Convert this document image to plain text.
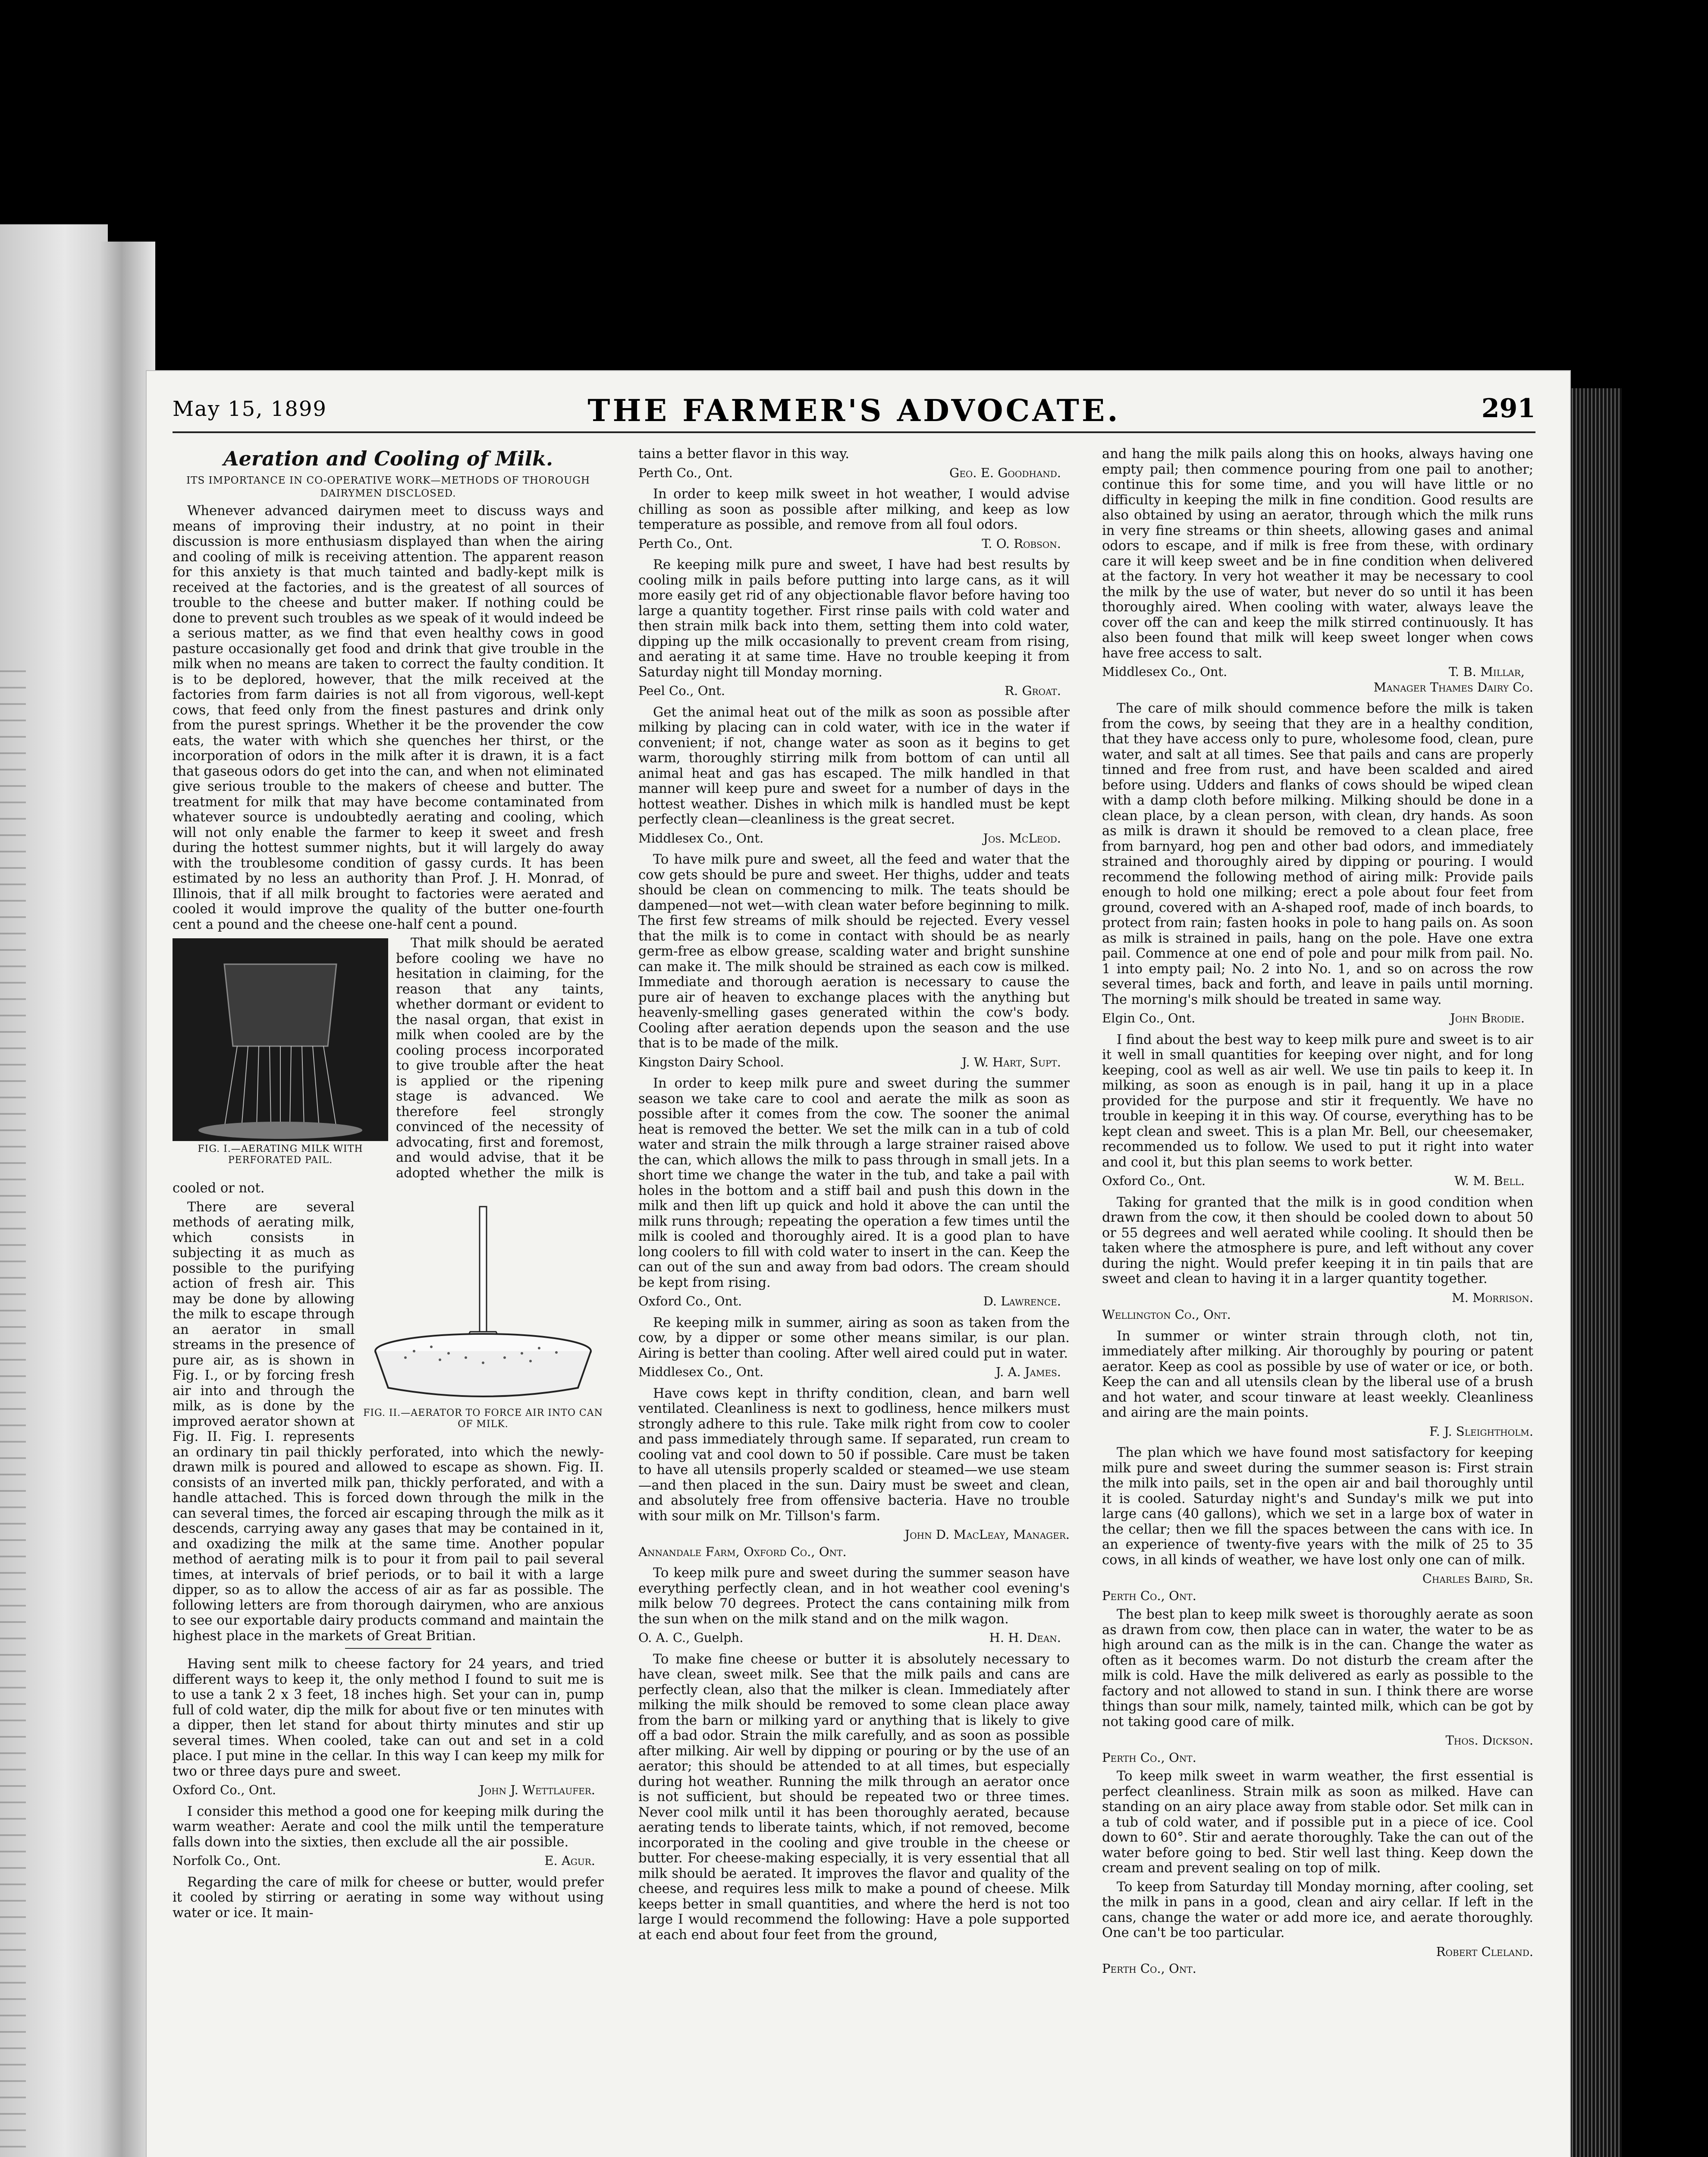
May 15, 1899	THE FARMER'S ADVOCATE.	291

Aeration and Cooling of Milk.

ITS IMPORTANCE IN CO-OPERATIVE WORK—METHODS OF THOROUGH DAIRYMEN DISCLOSED.

Whenever advanced dairymen meet to discuss ways and means of improving their industry, at no point in their discussion is more enthusiasm displayed than when the airing and cooling of milk is receiving attention. The apparent reason for this anxiety is that much tainted and badly-kept milk is received at the factories, and is the greatest of all sources of trouble to the cheese and butter maker. If nothing could be done to prevent such troubles as we speak of it would indeed be a serious matter, as we find that even healthy cows in good pasture occasionally get food and drink that give trouble in the milk when no means are taken to correct the faulty condition. It is to be deplored, however, that the milk received at the factories from farm dairies is not all from vigorous, well-kept cows, that feed only from the finest pastures and drink only from the purest springs. Whether it be the provender the cow eats, the water with which she quenches her thirst, or the incorporation of odors in the milk after it is drawn, it is a fact that gaseous odors do get into the can, and when not eliminated give serious trouble to the makers of cheese and butter. The treatment for milk that may have become contaminated from whatever source is undoubtedly aerating and cooling, which will not only enable the farmer to keep it sweet and fresh during the hottest summer nights, but it will largely do away with the troublesome condition of gassy curds. It has been estimated by no less an authority than Prof. J. H. Monrad, of Illinois, that if all milk brought to factories were aerated and cooled it would improve the quality of the butter one-fourth cent a pound and the cheese one-half cent a pound.

FIG. I.—AERATING MILK WITH PERFORATED PAIL.

That milk should be aerated before cooling we have no hesitation in claiming, for the reason that any taints, whether dormant or evident to the nasal organ, that exist in milk when cooled are by the cooling process incorporated to give trouble after the heat is applied or the ripening stage is advanced. We therefore feel strongly convinced of the necessity of advocating, first and foremost, and would advise, that it be adopted whether the milk is cooled or not.

FIG. II.—AERATOR TO FORCE AIR INTO CAN OF MILK.

There are several methods of aerating milk, which consists in subjecting it as much as possible to the purifying action of fresh air. This may be done by allowing the milk to escape through an aerator in small streams in the presence of pure air, as is shown in Fig. I., or by forcing fresh air into and through the milk, as is done by the improved aerator shown at Fig. II. Fig. I. represents an ordinary tin pail thickly perforated, into which the newly-drawn milk is poured and allowed to escape as shown. Fig. II. consists of an inverted milk pan, thickly perforated, and with a handle attached. This is forced down through the milk in the can several times, the forced air escaping through the milk as it descends, carrying away any gases that may be contained in it, and oxadizing the milk at the same time. Another popular method of aerating milk is to pour it from pail to pail several times, at intervals of brief periods, or to bail it with a large dipper, so as to allow the access of air as far as possible. The following letters are from thorough dairymen, who are anxious to see our exportable dairy products command and maintain the highest place in the markets of Great Britian.

Having sent milk to cheese factory for 24 years, and tried different ways to keep it, the only method I found to suit me is to use a tank 2 x 3 feet, 18 inches high. Set your can in, pump full of cold water, dip the milk for about five or ten minutes with a dipper, then let stand for about thirty minutes and stir up several times. When cooled, take can out and set in a cold place. I put mine in the cellar. In this way I can keep my milk for two or three days pure and sweet.

Oxford Co., Ont.	John J. Wettlaufer.

I consider this method a good one for keeping milk during the warm weather: Aerate and cool the milk until the temperature falls down into the sixties, then exclude all the air possible.

Norfolk Co., Ont.	E. Agur.

Regarding the care of milk for cheese or butter, would prefer it cooled by stirring or aerating in some way without using water or ice. It main-

tains a better flavor in this way.

Perth Co., Ont.	Geo. E. Goodhand.

In order to keep milk sweet in hot weather, I would advise chilling as soon as possible after milking, and keep as low temperature as possible, and remove from all foul odors.

Perth Co., Ont.	T. O. Robson.

Re keeping milk pure and sweet, I have had best results by cooling milk in pails before putting into large cans, as it will more easily get rid of any objectionable flavor before having too large a quantity together. First rinse pails with cold water and then strain milk back into them, setting them into cold water, dipping up the milk occasionally to prevent cream from rising, and aerating it at same time. Have no trouble keeping it from Saturday night till Monday morning.

Peel Co., Ont.	R. Groat.

Get the animal heat out of the milk as soon as possible after milking by placing can in cold water, with ice in the water if convenient; if not, change water as soon as it begins to get warm, thoroughly stirring milk from bottom of can until all animal heat and gas has escaped. The milk handled in that manner will keep pure and sweet for a number of days in the hottest weather. Dishes in which milk is handled must be kept perfectly clean—cleanliness is the great secret.

Middlesex Co., Ont.	Jos. McLeod.

To have milk pure and sweet, all the feed and water that the cow gets should be pure and sweet. Her thighs, udder and teats should be clean on commencing to milk. The teats should be dampened—not wet—with clean water before beginning to milk. The first few streams of milk should be rejected. Every vessel that the milk is to come in contact with should be as nearly germ-free as elbow grease, scalding water and bright sunshine can make it. The milk should be strained as each cow is milked. Immediate and thorough aeration is necessary to cause the pure air of heaven to exchange places with the anything but heavenly-smelling gases generated within the cow's body. Cooling after aeration depends upon the season and the use that is to be made of the milk.

Kingston Dairy School.	J. W. Hart, Supt.

In order to keep milk pure and sweet during the summer season we take care to cool and aerate the milk as soon as possible after it comes from the cow. The sooner the animal heat is removed the better. We set the milk can in a tub of cold water and strain the milk through a large strainer raised above the can, which allows the milk to pass through in small jets. In a short time we change the water in the tub, and take a pail with holes in the bottom and a stiff bail and push this down in the milk and then lift up quick and hold it above the can until the milk runs through; repeating the operation a few times until the milk is cooled and thoroughly aired. It is a good plan to have long coolers to fill with cold water to insert in the can. Keep the can out of the sun and away from bad odors. The cream should be kept from rising.

Oxford Co., Ont.	D. Lawrence.

Re keeping milk in summer, airing as soon as taken from the cow, by a dipper or some other means similar, is our plan. Airing is better than cooling. After well aired could put in water.

Middlesex Co., Ont.	J. A. James.

Have cows kept in thrifty condition, clean, and barn well ventilated. Cleanliness is next to godliness, hence milkers must strongly adhere to this rule. Take milk right from cow to cooler and pass immediately through same. If separated, run cream to cooling vat and cool down to 50 if possible. Care must be taken to have all utensils properly scalded or steamed—we use steam—and then placed in the sun. Dairy must be sweet and clean, and absolutely free from offensive bacteria. Have no trouble with sour milk on Mr. Tillson's farm.

John D. MacLeay, Manager.

Annandale Farm, Oxford Co., Ont.

To keep milk pure and sweet during the summer season have everything perfectly clean, and in hot weather cool evening's milk below 70 degrees. Protect the cans containing milk from the sun when on the milk stand and on the milk wagon.

O. A. C., Guelph.	H. H. Dean.

To make fine cheese or butter it is absolutely necessary to have clean, sweet milk. See that the milk pails and cans are perfectly clean, also that the milker is clean. Immediately after milking the milk should be removed to some clean place away from the barn or milking yard or anything that is likely to give off a bad odor. Strain the milk carefully, and as soon as possible after milking. Air well by dipping or pouring or by the use of an aerator; this should be attended to at all times, but especially during hot weather. Running the milk through an aerator once is not sufficient, but should be repeated two or three times. Never cool milk until it has been thoroughly aerated, because aerating tends to liberate taints, which, if not removed, become incorporated in the cooling and give trouble in the cheese or butter. For cheese-making especially, it is very essential that all milk should be aerated. It improves the flavor and quality of the cheese, and requires less milk to make a pound of cheese. Milk keeps better in small quantities, and where the herd is not too large I would recommend the following: Have a pole supported at each end about four feet from the ground,

and hang the milk pails along this on hooks, always having one empty pail; then commence pouring from one pail to another; continue this for some time, and you will have little or no difficulty in keeping the milk in fine condition. Good results are also obtained by using an aerator, through which the milk runs in very fine streams or thin sheets, allowing gases and animal odors to escape, and if milk is free from these, with ordinary care it will keep sweet and be in fine condition when delivered at the factory. In very hot weather it may be necessary to cool the milk by the use of water, but never do so until it has been thoroughly aired. When cooling with water, always leave the cover off the can and keep the milk stirred continuously. It has also been found that milk will keep sweet longer when cows have free access to salt.

Middlesex Co., Ont.	T. B. Millar,

Manager Thames Dairy Co.

The care of milk should commence before the milk is taken from the cows, by seeing that they are in a healthy condition, that they have access only to pure, wholesome food, clean, pure water, and salt at all times. See that pails and cans are properly tinned and free from rust, and have been scalded and aired before using. Udders and flanks of cows should be wiped clean with a damp cloth before milking. Milking should be done in a clean place, by a clean person, with clean, dry hands. As soon as milk is drawn it should be removed to a clean place, free from barnyard, hog pen and other bad odors, and immediately strained and thoroughly aired by dipping or pouring. I would recommend the following method of airing milk: Provide pails enough to hold one milking; erect a pole about four feet from ground, covered with an A-shaped roof, made of inch boards, to protect from rain; fasten hooks in pole to hang pails on. As soon as milk is strained in pails, hang on the pole. Have one extra pail. Commence at one end of pole and pour milk from pail. No. 1 into empty pail; No. 2 into No. 1, and so on across the row several times, back and forth, and leave in pails until morning. The morning's milk should be treated in same way.

Elgin Co., Ont.	John Brodie.

I find about the best way to keep milk pure and sweet is to air it well in small quantities for keeping over night, and for long keeping, cool as well as air well. We use tin pails to keep it. In milking, as soon as enough is in pail, hang it up in a place provided for the purpose and stir it frequently. We have no trouble in keeping it in this way. Of course, everything has to be kept clean and sweet. This is a plan Mr. Bell, our cheesemaker, recommended us to follow. We used to put it right into water and cool it, but this plan seems to work better.

Oxford Co., Ont.	W. M. Bell.

Taking for granted that the milk is in good condition when drawn from the cow, it then should be cooled down to about 50 or 55 degrees and well aerated while cooling. It should then be taken where the atmosphere is pure, and left without any cover during the night. Would prefer keeping it in tin pails that are sweet and clean to having it in a larger quantity together.

M. Morrison.

Wellington Co., Ont.

In summer or winter strain through cloth, not tin, immediately after milking. Air thoroughly by pouring or patent aerator. Keep as cool as possible by use of water or ice, or both. Keep the can and all utensils clean by the liberal use of a brush and hot water, and scour tinware at least weekly. Cleanliness and airing are the main points.

F. J. Sleightholm.

The plan which we have found most satisfactory for keeping milk pure and sweet during the summer season is: First strain the milk into pails, set in the open air and bail thoroughly until it is cooled. Saturday night's and Sunday's milk we put into large cans (40 gallons), which we set in a large box of water in the cellar; then we fill the spaces between the cans with ice. In an experience of twenty-five years with the milk of 25 to 35 cows, in all kinds of weather, we have lost only one can of milk.

Charles Baird, Sr.

Perth Co., Ont.

The best plan to keep milk sweet is thoroughly aerate as soon as drawn from cow, then place can in water, the water to be as high around can as the milk is in the can. Change the water as often as it becomes warm. Do not disturb the cream after the milk is cold. Have the milk delivered as early as possible to the factory and not allowed to stand in sun. I think there are worse things than sour milk, namely, tainted milk, which can be got by not taking good care of milk.

Thos. Dickson.

Perth Co., Ont.

To keep milk sweet in warm weather, the first essential is perfect cleanliness. Strain milk as soon as milked. Have can standing on an airy place away from stable odor. Set milk can in a tub of cold water, and if possible put in a piece of ice. Cool down to 60°. Stir and aerate thoroughly. Take the can out of the water before going to bed. Stir well last thing. Keep down the cream and prevent sealing on top of milk.

To keep from Saturday till Monday morning, after cooling, set the milk in pans in a good, clean and airy cellar. If left in the cans, change the water or add more ice, and aerate thoroughly. One can't be too particular.

Robert Cleland.

Perth Co., Ont.
